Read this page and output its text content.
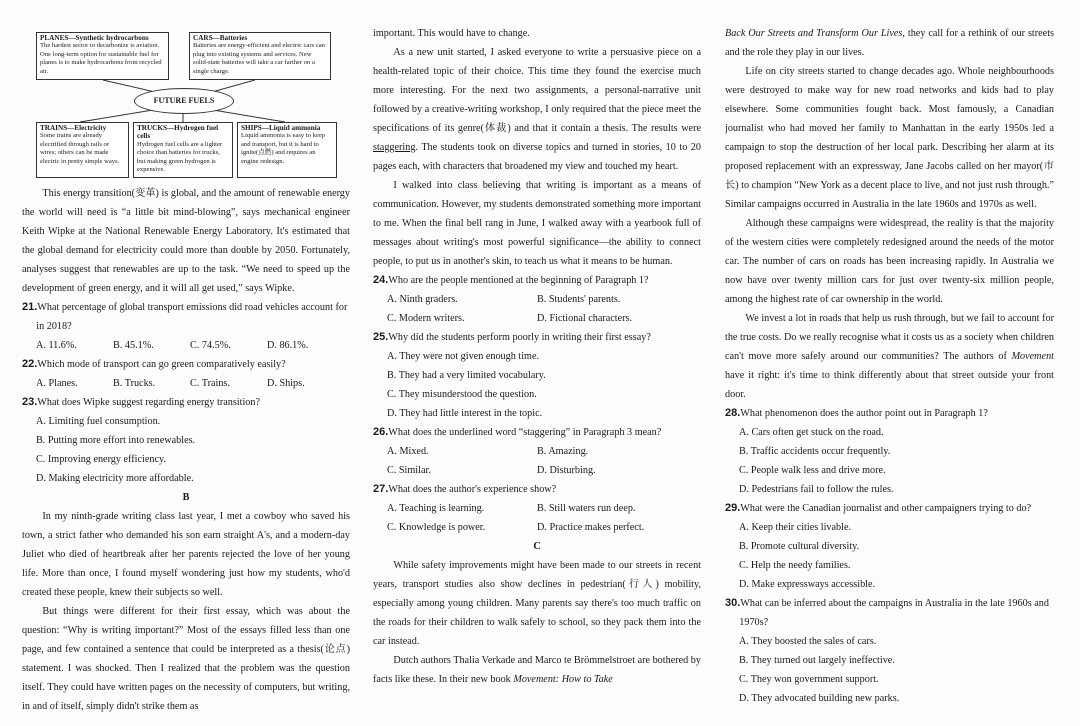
PLANES—Synthetic hydrocarbons
The hardest sector to decarbonize is aviation. One long-term option for sustainable fuel for planes is to make hydrocarbons from recycled air.
CARS—Batteries
Batteries are energy-efficient and electric cars can plug into existing systems and services. New solid-state batteries will take a car farther on a single charge.
FUTURE FUELS
TRAINS—Electricity
Some trains are already electrified through rails or wires; others can be made electric in pretty simple ways.
TRUCKS—Hydrogen fuel cells
Hydrogen fuel cells are a lighter choice than batteries for trucks, but making green hydrogen is expensive.
SHIPS—Liquid ammonia
Liquid ammonia is easy to keep and transport, but it is hard to ignite(点燃) and requires an engine redesign.

This energy transition(变革) is global, and the amount of renewable energy the world will need is “a little bit mind-blowing”, says mechanical engineer Keith Wipke at the National Renewable Energy Laboratory. It's estimated that the global demand for electricity could more than double by 2050. Fortunately, analyses suggest that renewables are up to the task. “We need to speed up the development of green energy, and it will all get used,” says Wipke.

21.What percentage of global transport emissions did road vehicles account for in 2018?
A. 11.6%.	B. 45.1%.	C. 74.5%.	D. 86.1%.
22.Which mode of transport can go green comparatively easily?
A. Planes.	B. Trucks.	C. Trains.	D. Ships.
23.What does Wipke suggest regarding energy transition?
A. Limiting fuel consumption.
B. Putting more effort into renewables.
C. Improving energy efficiency.
D. Making electricity more affordable.
B

In my ninth-grade writing class last year, I met a cowboy who saved his town, a strict father who demanded his son earn straight A's, and a modern-day Juliet who died of heartbreak after her parents rejected the love of her young life. More than once, I found myself wondering just how my students, who'd created these people, knew their subjects so well.

But things were different for their first essay, which was about the question: “Why is writing important?” Most of the essays filled less than one page, and few contained a sentence that could be interpreted as a thesis(论点) statement. I was shocked. Then I realized that the problem was the question itself. They could have written pages on the necessity of computers, but writing, in and of itself, simply didn't strike them as

important. This would have to change.

As a new unit started, I asked everyone to write a persuasive piece on a health-related topic of their choice. This time they found the exercise much more interesting. For the next two assignments, a personal-narrative unit followed by a creative-writing workshop, I only required that the piece meet the specifications of its genre(体裁) and that it contain a thesis. The results were staggering. The students took on diverse topics and turned in stories, 10 to 20 pages each, with characters that broadened my view and touched my heart.

I walked into class believing that writing is important as a means of communication. However, my students demonstrated something more important to me. When the final bell rang in June, I walked away with a yearbook full of messages about writing's most powerful significance—the ability to connect people, to put us in another's skin, to teach us what it means to be human.

24.Who are the people mentioned at the beginning of Paragraph 1?
A. Ninth graders.	B. Students' parents.
C. Modern writers.	D. Fictional characters.
25.Why did the students perform poorly in writing their first essay?
A. They were not given enough time.
B. They had a very limited vocabulary.
C. They misunderstood the question.
D. They had little interest in the topic.
26.What does the underlined word “staggering” in Paragraph 3 mean?
A. Mixed.	B. Amazing.
C. Similar.	D. Disturbing.
27.What does the author's experience show?
A. Teaching is learning.	B. Still waters run deep.
C. Knowledge is power.	D. Practice makes perfect.
C

While safety improvements might have been made to our streets in recent years, transport studies also show declines in pedestrian(行人) mobility, especially among young children. Many parents say there's too much traffic on the roads for their children to walk safely to school, so they pack them into the car instead.

Dutch authors Thalia Verkade and Marco te Brömmelstroet are bothered by facts like these. In their new book Movement: How to Take

Back Our Streets and Transform Our Lives, they call for a rethink of our streets and the role they play in our lives.

Life on city streets started to change decades ago. Whole neighbourhoods were destroyed to make way for new road networks and kids had to play elsewhere. Some communities fought back. Most famously, a Canadian journalist who had moved her family to Manhattan in the early 1950s led a campaign to stop the destruction of her local park. Describing her alarm at its proposed replacement with an expressway, Jane Jacobs called on her mayor(市长) to champion “New York as a decent place to live, and not just rush through.” Similar campaigns occurred in Australia in the late 1960s and 1970s as well.

Although these campaigns were widespread, the reality is that the majority of the western cities were completely redesigned around the needs of the motor car. The number of cars on roads has been increasing rapidly. In Australia we now have over twenty million cars for just over twenty-six million people, among the highest rate of car ownership in the world.

We invest a lot in roads that help us rush through, but we fail to account for the true costs. Do we really recognise what it costs us as a society when children can't move more safely around our communities? The authors of Movement have it right: it's time to think differently about that street outside your front door.

28.What phenomenon does the author point out in Paragraph 1?
A. Cars often get stuck on the road.
B. Traffic accidents occur frequently.
C. People walk less and drive more.
D. Pedestrians fail to follow the rules.
29.What were the Canadian journalist and other campaigners trying to do?
A. Keep their cities livable.
B. Promote cultural diversity.
C. Help the needy families.
D. Make expressways accessible.
30.What can be inferred about the campaigns in Australia in the late 1960s and 1970s?
A. They boosted the sales of cars.
B. They turned out largely ineffective.
C. They won government support.
D. They advocated building new parks.
